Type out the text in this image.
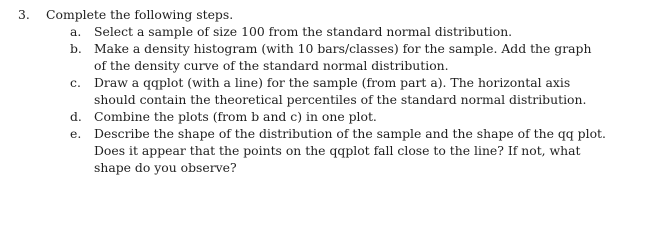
3.	Complete the following steps.
a.	Select a sample of size 100 from the standard normal distribution.
b. Make a density histogram (with 10 bars/classes) for the sample. Add the graph
of the density curve of the standard normal distribution.
c.	Draw a qqplot (with a line) for the sample (from part a). The horizontal axis
should contain the theoretical percentiles of the standard normal distribution.
d. Combine the plots (from b and c) in one plot.
e.	Describe the shape of the distribution of the sample and the shape of the qq plot.
Does it appear that the points on the qqplot fall close to the line? If not, what
shape do you observe?
